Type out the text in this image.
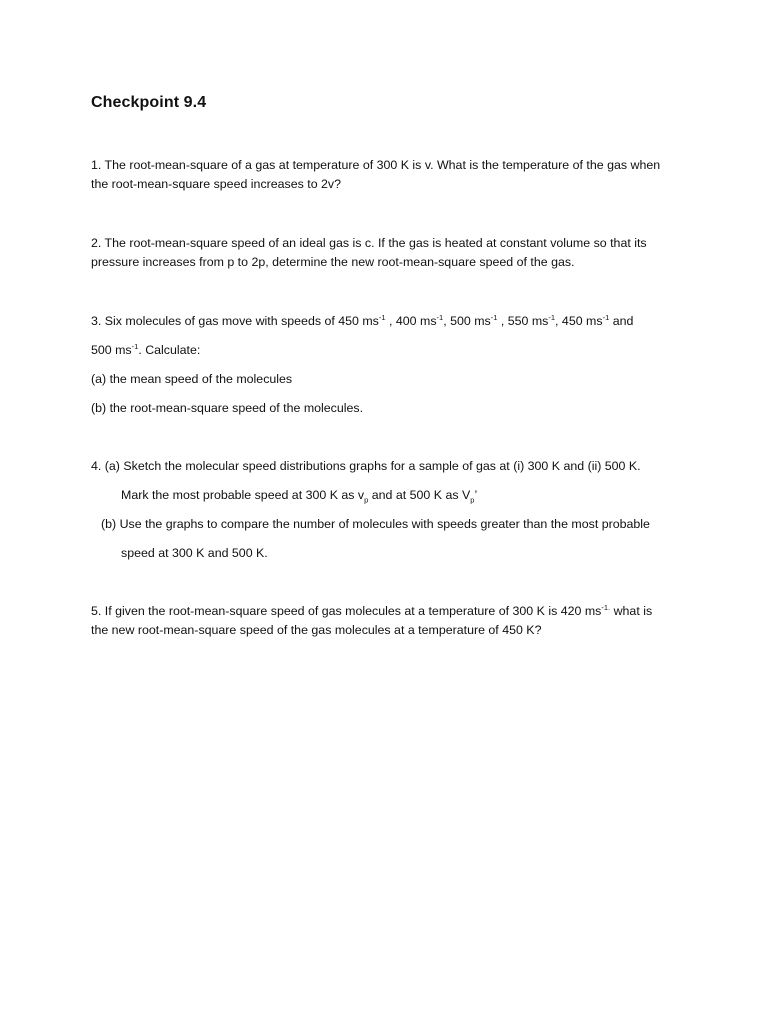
Checkpoint 9.4
1. The root-mean-square of a gas at temperature of 300 K is v. What is the temperature of the gas when
the root-mean-square speed increases to 2v?
2. The root-mean-square speed of an ideal gas is c. If the gas is heated at constant volume so that its
pressure increases from p to 2p, determine the new root-mean-square speed of the gas.
3. Six molecules of gas move with speeds of 450 $ms^{-1}$ , 400 $ms^{-1}$, 500 $ms^{-1}$ , 550 $ms^{-1}$, 450 $ms^{-1}$ and
500 $ms^{-1}$. Calculate:
(a) the mean speed of the molecules
(b) the root-mean-square speed of the molecules.
4. (a) Sketch the molecular speed distributions graphs for a sample of gas at (i) 300 K and (ii) 500 K.
Mark the most probable speed at 300 K as $v_p$ and at 500 K as $V_p$’
(b) Use the graphs to compare the number of molecules with speeds greater than the most probable
speed at 300 K and 500 K.
5. If given the root-mean-square speed of gas molecules at a temperature of 300 K is 420 $ms^{-1.}$ what is
the new root-mean-square speed of the gas molecules at a temperature of 450 K?
